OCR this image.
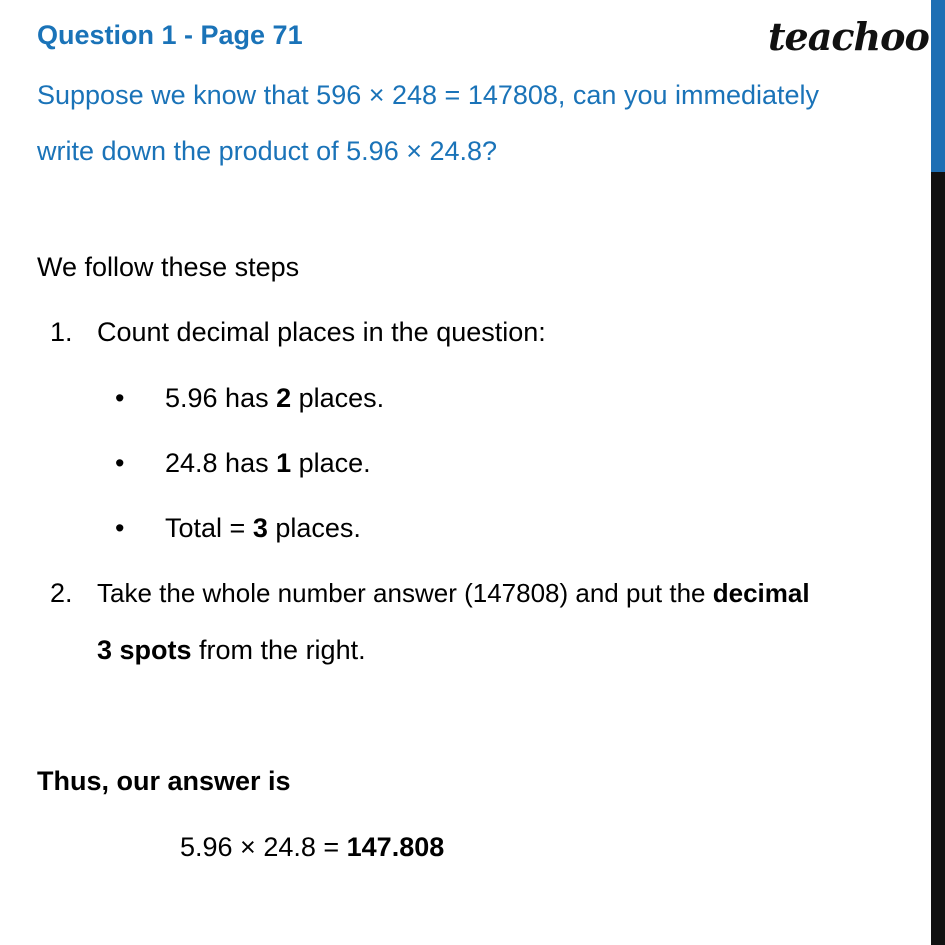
Question 1 - Page 71	teachoo
Suppose we know that 596 × 248 = 147808, can you immediately
write down the product of 5.96 × 24.8?
We follow these steps
1. Count decimal places in the question:
• 5.96 has 2 places.
• 24.8 has 1 place.
• Total = 3 places.
2. Take the whole number answer (147808) and put the decimal
3 spots from the right.
Thus, our answer is
5.96 × 24.8 = 147.808
